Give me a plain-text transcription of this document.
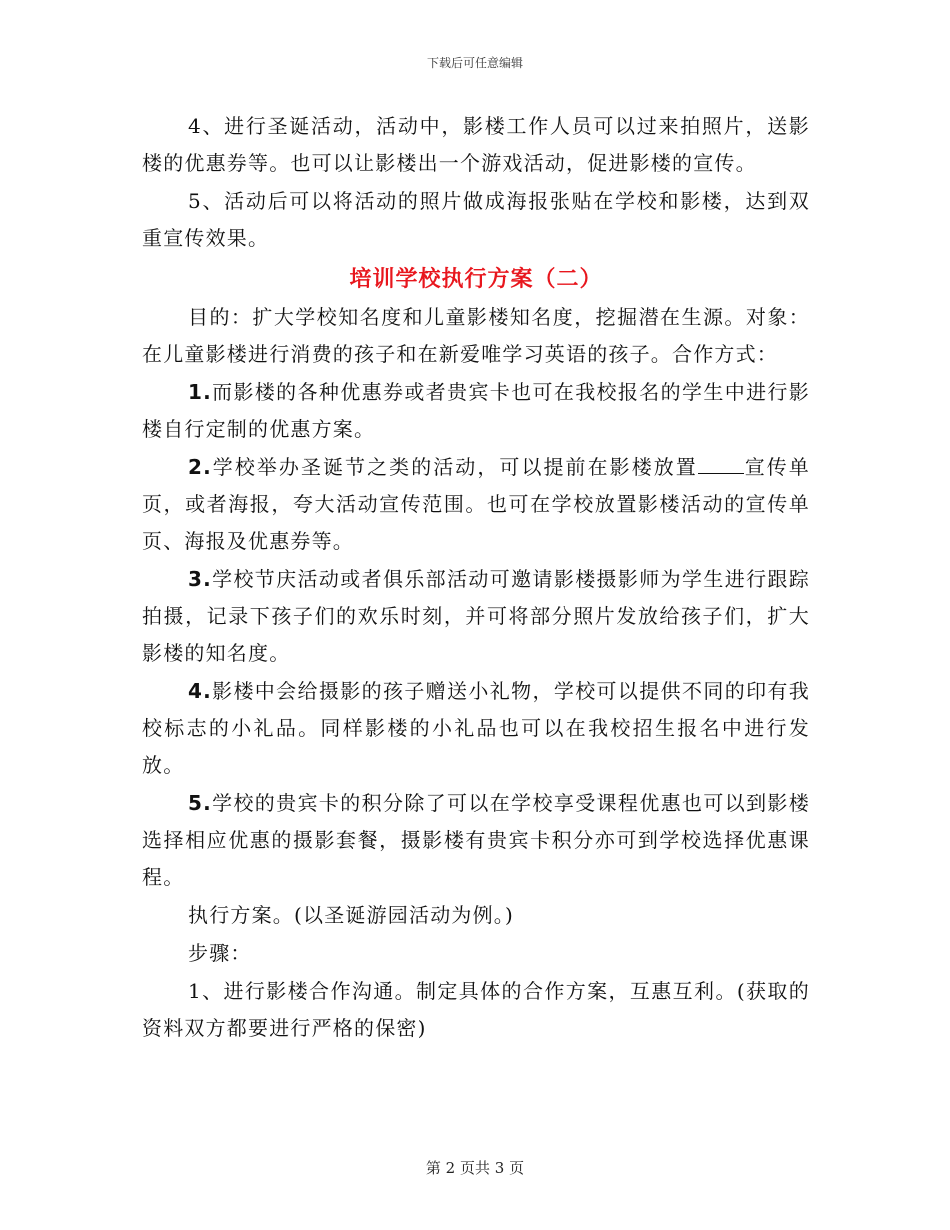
下载后可任意编辑

4、进行圣诞活动，活动中，影楼工作人员可以过来拍照片，送影楼的优惠券等。也可以让影楼出一个游戏活动，促进影楼的宣传。

5、活动后可以将活动的照片做成海报张贴在学校和影楼，达到双重宣传效果。

培训学校执行方案（二）

目的：扩大学校知名度和儿童影楼知名度，挖掘潜在生源。对象：在儿童影楼进行消费的孩子和在新爱唯学习英语的孩子。合作方式：

1.而影楼的各种优惠券或者贵宾卡也可在我校报名的学生中进行影楼自行定制的优惠方案。

2.学校举办圣诞节之类的活动，可以提前在影楼放置 宣传单页，或者海报，夸大活动宣传范围。也可在学校放置影楼活动的宣传单页、海报及优惠券等。

3.学校节庆活动或者俱乐部活动可邀请影楼摄影师为学生进行跟踪拍摄，记录下孩子们的欢乐时刻，并可将部分照片发放给孩子们，扩大影楼的知名度。

4.影楼中会给摄影的孩子赠送小礼物，学校可以提供不同的印有我校标志的小礼品。同样影楼的小礼品也可以在我校招生报名中进行发放。

5.学校的贵宾卡的积分除了可以在学校享受课程优惠也可以到影楼选择相应优惠的摄影套餐，摄影楼有贵宾卡积分亦可到学校选择优惠课程。

执行方案。(以圣诞游园活动为例。)

步骤：

1、进行影楼合作沟通。制定具体的合作方案，互惠互利。(获取的资料双方都要进行严格的保密)

第 2 页共 3 页
